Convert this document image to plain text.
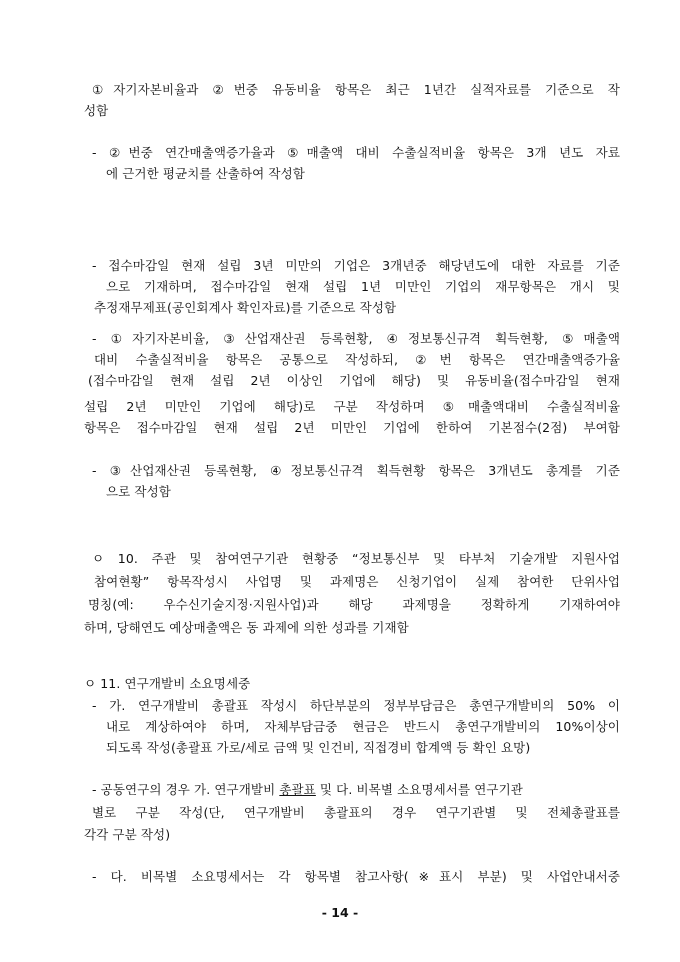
①자기자본비율과 ②번중 유동비율 항목은 최근 1년간 실적자료를 기준으로 작
성함
- ②번중 연간매출액증가율과 ⑤매출액 대비 수출실적비율 항목은 3개 년도 자료
에 근거한 평균치를 산출하여 작성함
- 접수마감일 현재 설립 3년 미만의 기업은 3개년중 해당년도에 대한 자료를 기준
으로 기재하며, 접수마감일 현재 설립 1년 미만인 기업의 재무항목은 개시 및
추정재무제표(공인회계사 확인자료)를 기준으로 작성함
- ①자기자본비율, ③산업재산권 등록현황, ④정보통신규격 획득현황, ⑤매출액
대비 수출실적비율 항목은 공통으로 작성하되, ②번 항목은 연간매출액증가율
(접수마감일 현재 설립 2년 이상인 기업에 해당) 및 유동비율(접수마감일 현재
설립 2년 미만인 기업에 해당)로 구분 작성하며 ⑤매출액대비 수출실적비율
항목은 접수마감일 현재 설립 2년 미만인 기업에 한하여 기본점수(2점) 부여함
- ③산업재산권 등록현황, ④정보통신규격 획득현황 항목은 3개년도 총계를 기준
으로 작성함
ㅇ 10. 주관 및 참여연구기관 현황중 “정보통신부 및 타부처 기술개발 지원사업
참여현황” 항목작성시 사업명 및 과제명은 신청기업이 실제 참여한 단위사업
명칭(예: 우수신기술지정·지원사업)과 해당 과제명을 정확하게 기재하여야
하며, 당해연도 예상매출액은 동 과제에 의한 성과를 기재함
ㅇ 11. 연구개발비 소요명세중
- 가. 연구개발비 총괄표 작성시 하단부분의 정부부담금은 총연구개발비의 50% 이
내로 계상하여야 하며, 자체부담금중 현금은 반드시 총연구개발비의 10%이상이
되도록 작성(총괄표 가로/세로 금액 및 인건비, 직접경비 합계액 등 확인 요망)
- 공동연구의 경우 가. 연구개발비 총괄표 및 다. 비목별 소요명세서를 연구기관
별로 구분 작성(단, 연구개발비 총괄표의 경우 연구기관별 및 전체총괄표를
각각 구분 작성)
- 다. 비목별 소요명세서는 각 항목별 참고사항(※표시 부분) 및 사업안내서중
- 14 -
